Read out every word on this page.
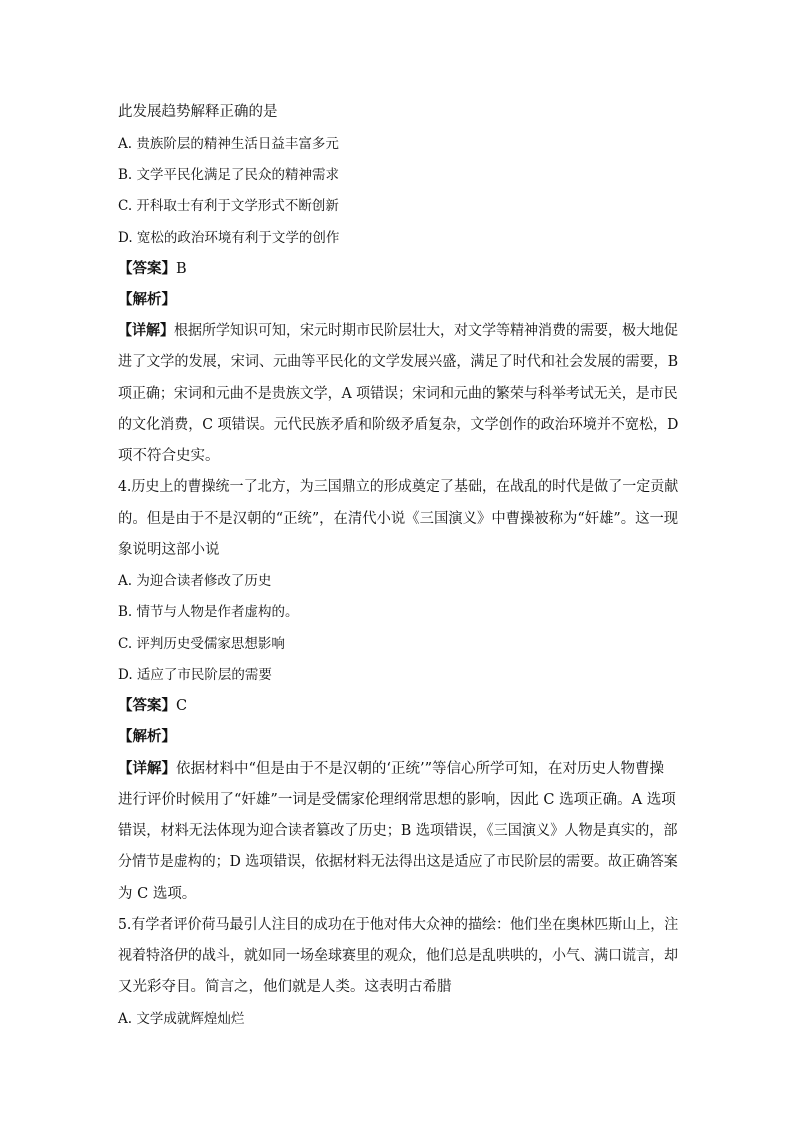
此发展趋势解释正确的是
A. 贵族阶层的精神生活日益丰富多元
B. 文学平民化满足了民众的精神需求
C. 开科取士有利于文学形式不断创新
D. 宽松的政治环境有利于文学的创作
【答案】B
【解析】
【详解】根据所学知识可知，宋元时期市民阶层壮大，对文学等精神消费的需要，极大地促
进了文学的发展，宋词、元曲等平民化的文学发展兴盛，满足了时代和社会发展的需要，B
项正确；宋词和元曲不是贵族文学，A 项错误；宋词和元曲的繁荣与科举考试无关，是市民
的文化消费，C 项错误。元代民族矛盾和阶级矛盾复杂，文学创作的政治环境并不宽松，D
项不符合史实。
4.历史上的曹操统一了北方，为三国鼎立的形成奠定了基础，在战乱的时代是做了一定贡献
的。但是由于不是汉朝的“正统”，在清代小说《三国演义》中曹操被称为“奸雄”。这一现
象说明这部小说
A. 为迎合读者修改了历史
B. 情节与人物是作者虚构的。
C. 评判历史受儒家思想影响
D. 适应了市民阶层的需要
【答案】C
【解析】
【详解】依据材料中“但是由于不是汉朝的‘正统’”等信心所学可知，在对历史人物曹操
进行评价时候用了“奸雄”一词是受儒家伦理纲常思想的影响，因此 C 选项正确。A 选项
错误，材料无法体现为迎合读者篡改了历史；B 选项错误，《三国演义》人物是真实的，部
分情节是虚构的；D 选项错误，依据材料无法得出这是适应了市民阶层的需要。故正确答案
为 C 选项。
5.有学者评价荷马最引人注目的成功在于他对伟大众神的描绘：他们坐在奥林匹斯山上，注
视着特洛伊的战斗，就如同一场垒球赛里的观众，他们总是乱哄哄的，小气、满口谎言，却
又光彩夺目。简言之，他们就是人类。这表明古希腊
A. 文学成就辉煌灿烂
